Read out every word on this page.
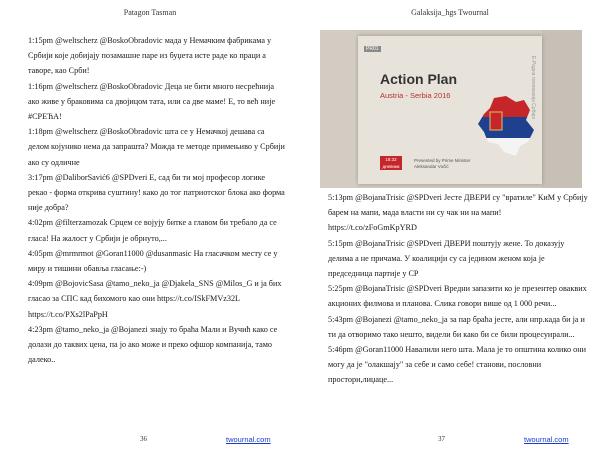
Patagon Tasman

1:15pm @weltscherz @BoskoObradovic мада у Немачким фабрикама у Србији које добијају позамашне паре из буџета исте раде ко праци а таворе, као Срби!

1:16pm @weltscherz @BoskoObradovic Деца не бити много несрећнија ако живе у браковима са двојицом тата, или са две маме! Е, то већ није #СРЕЋА!

1:18pm @weltscherz @BoskoObradovic шта се у Немачкој дешава са делом којунико нема да запрашта? Можда те методе примењиво у Србији ако су одличне

3:17pm @DaliborSavić6 @SPDveri Е, сад би ти мој професор логике рекао - форма открива суштину! како до тог патриотског блока ако форма није добра?

4:02pm @filterzamozak Срцем се војују битке а главом би требало да се гласа! На жалост у Србији је обрнуто,...

4:05pm @mrmrmot @Goran11000 @dusanmasic На гласачком месту се у миру и тишини обавља гласање:-)

4:09pm @BojovicSasa @tamo_neko_ja @Djakela_SNS @Milos_G и ја бих гласао за СПС кад бихомого као они https://t.co/ISkFMVz32L https://t.co/PXs2lPaPpH

4:23pm @tamo_neko_ja @Bojanezi знају то браћа Мали и Вучић како се долази до таквих цена, па јо ако може и преко офшор компанија, тамо далеко..

36	twournal.com
Galaksija_hgs Twournal
37	twournal.com
PR01
Action Plan
Austria - Serbia 2016
18:32
дневник
Presented by Prime Minister
Aleksandar Vučić
Е-Радна телевизија Србије

5:13pm @BojanaTrisic @SPDveri Јесте ДВЕРИ су "вратиле" КиМ у Србију барем на мапи, мада власти ни су чак ни на мапи! https://t.co/zFoGmKpYRD

5:15pm @BojanaTrisic @SPDveri ДВЕРИ поштују жене. То доказују делима а не причама. У коалицији су са једином женом која је председница партије у СР

5:25pm @BojanaTrisic @SPDveri Вредни запазити ко је презентер оваквих акционих филмова и планова. Слика говори више од 1 000 речи...

5:43pm @Bojanezi @tamo_neko_ja за пар браћа јесте, али нпр.када би ја и ти да отворимо тако нешто, видели би како би се били процесуирали...

5:46pm @Goran11000 Навалили него шта. Мала је то општина колико они могу да је "олакшају" за себе и само себе! станови, пословни простори,лиџаце...
